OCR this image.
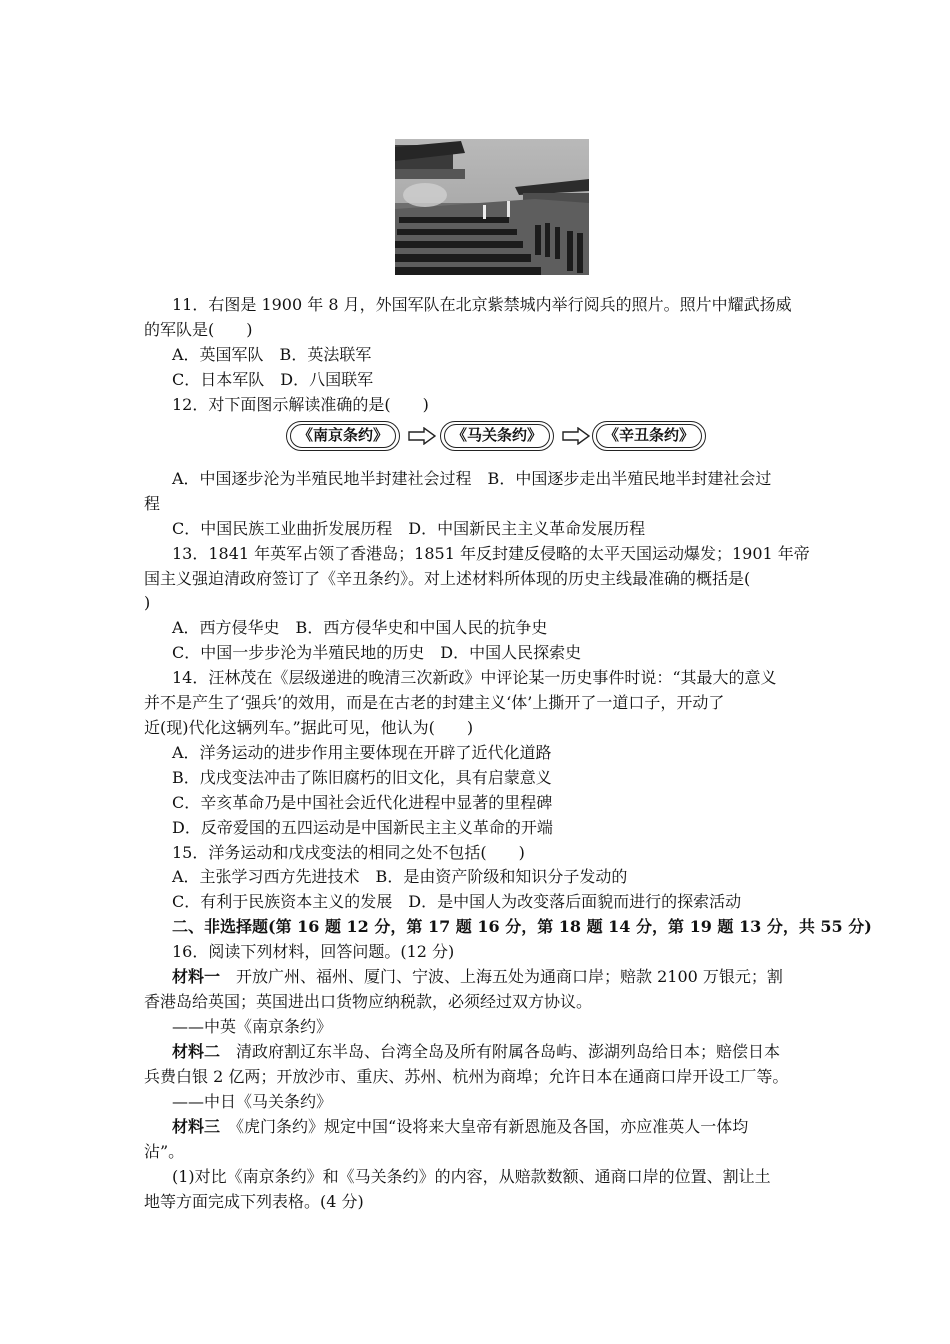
11．右图是 1900 年 8 月，外国军队在北京紫禁城内举行阅兵的照片。照片中耀武扬威
的军队是(　　)
A．英国军队　B．英法联军
C．日本军队　D．八国联军
12．对下面图示解读准确的是(　　)
《南京条约》	《马关条约》	《辛丑条约》
A．中国逐步沦为半殖民地半封建社会过程　B．中国逐步走出半殖民地半封建社会过
程
C．中国民族工业曲折发展历程　D．中国新民主主义革命发展历程
13．1841 年英军占领了香港岛；1851 年反封建反侵略的太平天国运动爆发；1901 年帝
国主义强迫清政府签订了《辛丑条约》。对上述材料所体现的历史主线最准确的概括是(
)
A．西方侵华史　B．西方侵华史和中国人民的抗争史
C．中国一步步沦为半殖民地的历史　D．中国人民探索史
14．汪林茂在《层级递进的晚清三次新政》中评论某一历史事件时说：“其最大的意义
并不是产生了‘强兵’的效用，而是在古老的封建主义‘体’上撕开了一道口子，开动了
近(现)代化这辆列车。”据此可见，他认为(　　)
A．洋务运动的进步作用主要体现在开辟了近代化道路
B．戊戌变法冲击了陈旧腐朽的旧文化，具有启蒙意义
C．辛亥革命乃是中国社会近代化进程中显著的里程碑
D．反帝爱国的五四运动是中国新民主主义革命的开端
15．洋务运动和戊戌变法的相同之处不包括(　　)
A．主张学习西方先进技术　B．是由资产阶级和知识分子发动的
C．有利于民族资本主义的发展　D．是中国人为改变落后面貌而进行的探索活动
二、非选择题(第 16 题 12 分，第 17 题 16 分，第 18 题 14 分，第 19 题 13 分，共 55 分)
16．阅读下列材料，回答问题。(12 分)
材料一　开放广州、福州、厦门、宁波、上海五处为通商口岸；赔款 2100 万银元；割
香港岛给英国；英国进出口货物应纳税款，必须经过双方协议。
——中英《南京条约》
材料二　清政府割辽东半岛、台湾全岛及所有附属各岛屿、澎湖列岛给日本；赔偿日本
兵费白银 2 亿两；开放沙市、重庆、苏州、杭州为商埠；允许日本在通商口岸开设工厂等。
——中日《马关条约》
材料三　《虎门条约》规定中国“设将来大皇帝有新恩施及各国，亦应准英人一体均
沾”。
(1)对比《南京条约》和《马关条约》的内容，从赔款数额、通商口岸的位置、割让土
地等方面完成下列表格。(4 分)
